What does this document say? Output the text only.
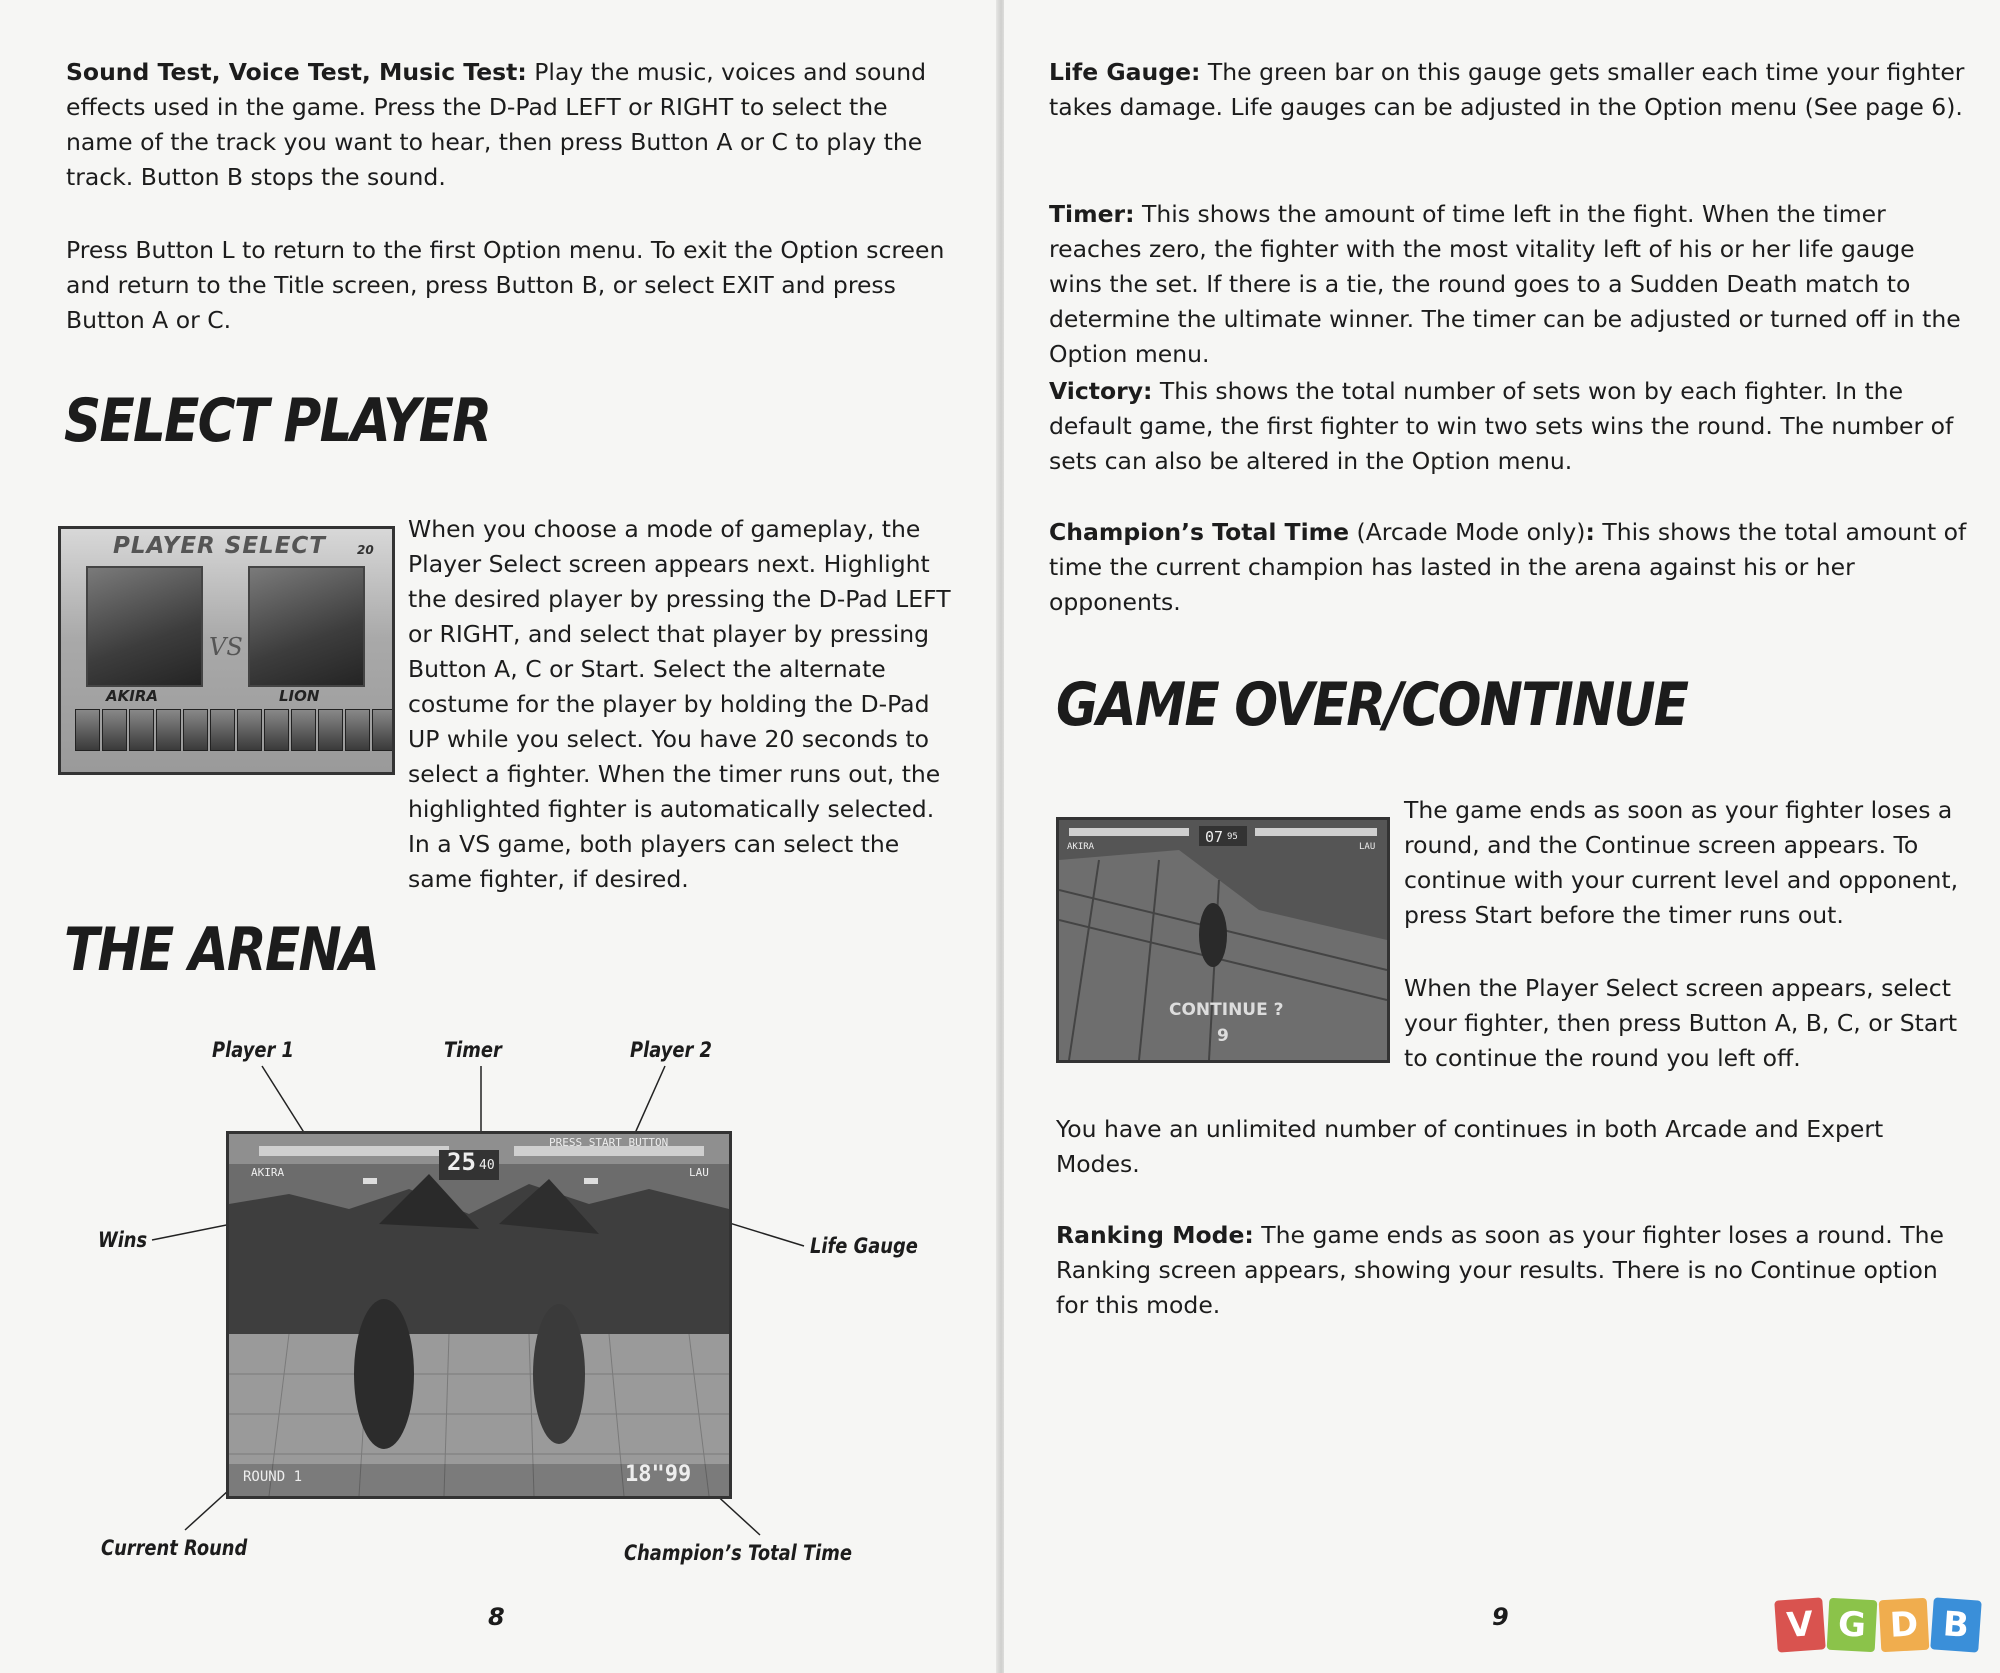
Sound Test, Voice Test, Music Test: Play the music, voices and sound effects used in the game. Press the D-Pad LEFT or RIGHT to select the name of the track you want to hear, then press Button A or C to play the track. Button B stops the sound.

Press Button L to return to the first Option menu. To exit the Option screen and return to the Title screen, press Button B, or select EXIT and press Button A or C.

SELECT PLAYER
PLAYER SELECT	20
VS
AKIRA	LION

When you choose a mode of gameplay, the Player Select screen appears next. Highlight the desired player by pressing the D-Pad LEFT or RIGHT, and select that player by pressing Button A, C or Start. Select the alternate costume for the player by holding the D-Pad UP while you select. You have 20 seconds to select a fighter. When the timer runs out, the highlighted fighter is automatically selected. In a VS game, both players can select the same fighter, if desired.

THE ARENA
Player 1	Timer	Player 2
Wins	Life Gauge
Current Round	Champion’s Total Time
25 40
PRESS START BUTTON
AKIRA	LAU
ROUND 1	18"99
8

Life Gauge: The green bar on this gauge gets smaller each time your fighter takes damage. Life gauges can be adjusted in the Option menu (See page 6).

Timer: This shows the amount of time left in the fight. When the timer reaches zero, the fighter with the most vitality left of his or her life gauge wins the set. If there is a tie, the round goes to a Sudden Death match to determine the ultimate winner. The timer can be adjusted or turned off in the Option menu.

Victory: This shows the total number of sets won by each fighter. In the default game, the first fighter to win two sets wins the round. The number of sets can also be altered in the Option menu.

Champion’s Total Time (Arcade Mode only): This shows the total amount of time the current champion has lasted in the arena against his or her opponents.

GAME OVER/CONTINUE
07 95
AKIRA	LAU
CONTINUE ?
9

The game ends as soon as your fighter loses a round, and the Continue screen appears. To continue with your current level and opponent, press Start before the timer runs out.

When the Player Select screen appears, select your fighter, then press Button A, B, C, or Start to continue the round you left off.

You have an unlimited number of continues in both Arcade and Expert Modes.

Ranking Mode: The game ends as soon as your fighter loses a round. The Ranking screen appears, showing your results. There is no Continue option for this mode.

9	V G D B
